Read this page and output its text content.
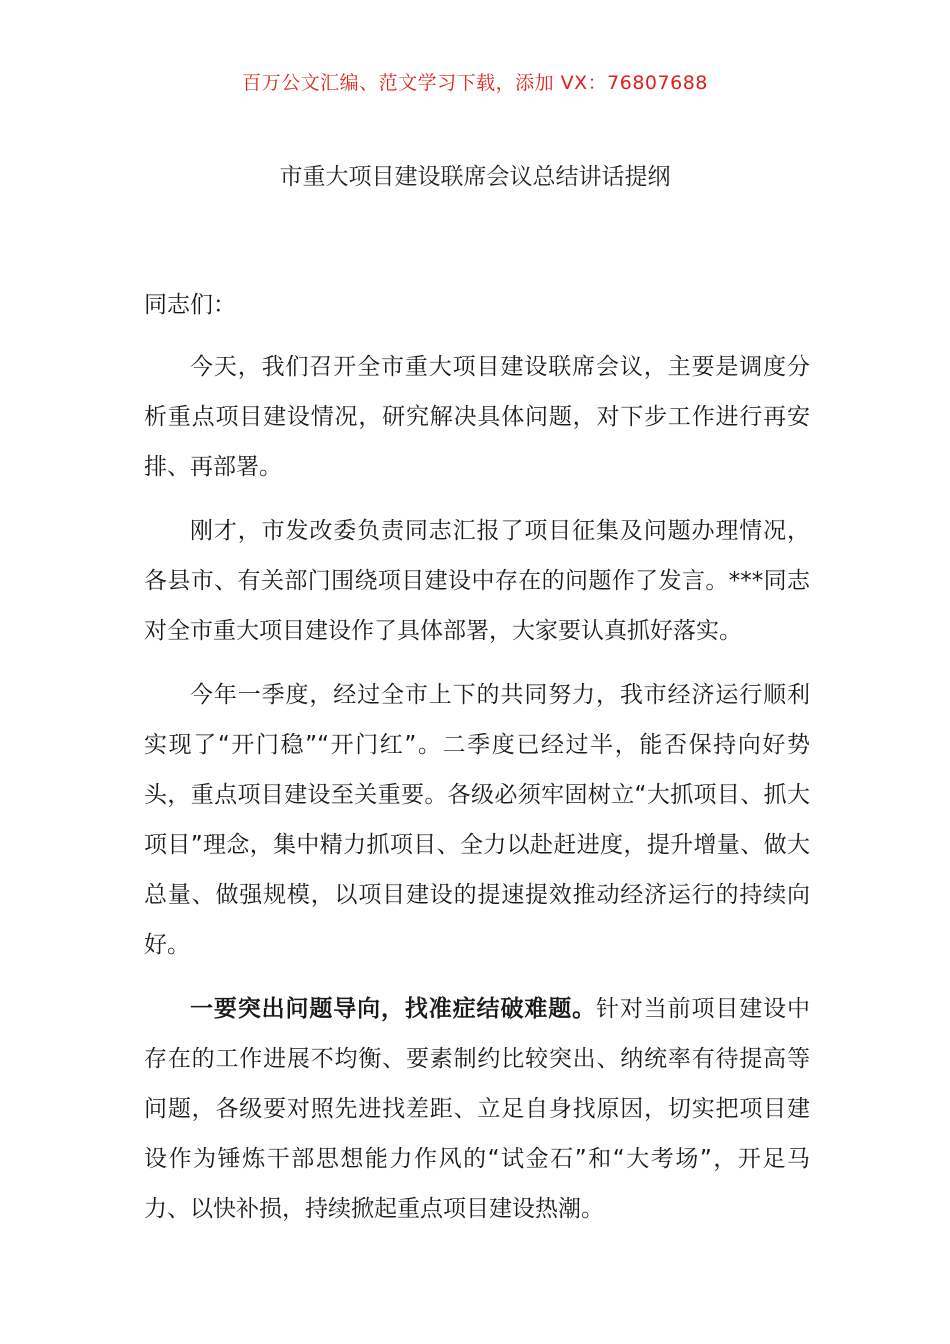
百万公文汇编、范文学习下载，添加 VX：76807688
市重大项目建设联席会议总结讲话提纲

同志们：

今天，我们召开全市重大项目建设联席会议，主要是调度分析重点项目建设情况，研究解决具体问题，对下步工作进行再安排、再部署。

刚才，市发改委负责同志汇报了项目征集及问题办理情况，各县市、有关部门围绕项目建设中存在的问题作了发言。***同志对全市重大项目建设作了具体部署，大家要认真抓好落实。

今年一季度，经过全市上下的共同努力，我市经济运行顺利实现了“开门稳”“开门红”。二季度已经过半，能否保持向好势头，重点项目建设至关重要。各级必须牢固树立“大抓项目、抓大项目”理念，集中精力抓项目、全力以赴赶进度，提升增量、做大总量、做强规模，以项目建设的提速提效推动经济运行的持续向好。

一要突出问题导向，找准症结破难题。针对当前项目建设中存在的工作进展不均衡、要素制约比较突出、纳统率有待提高等问题，各级要对照先进找差距、立足自身找原因，切实把项目建设作为锤炼干部思想能力作风的“试金石”和“大考场”，开足马力、以快补损，持续掀起重点项目建设热潮。
